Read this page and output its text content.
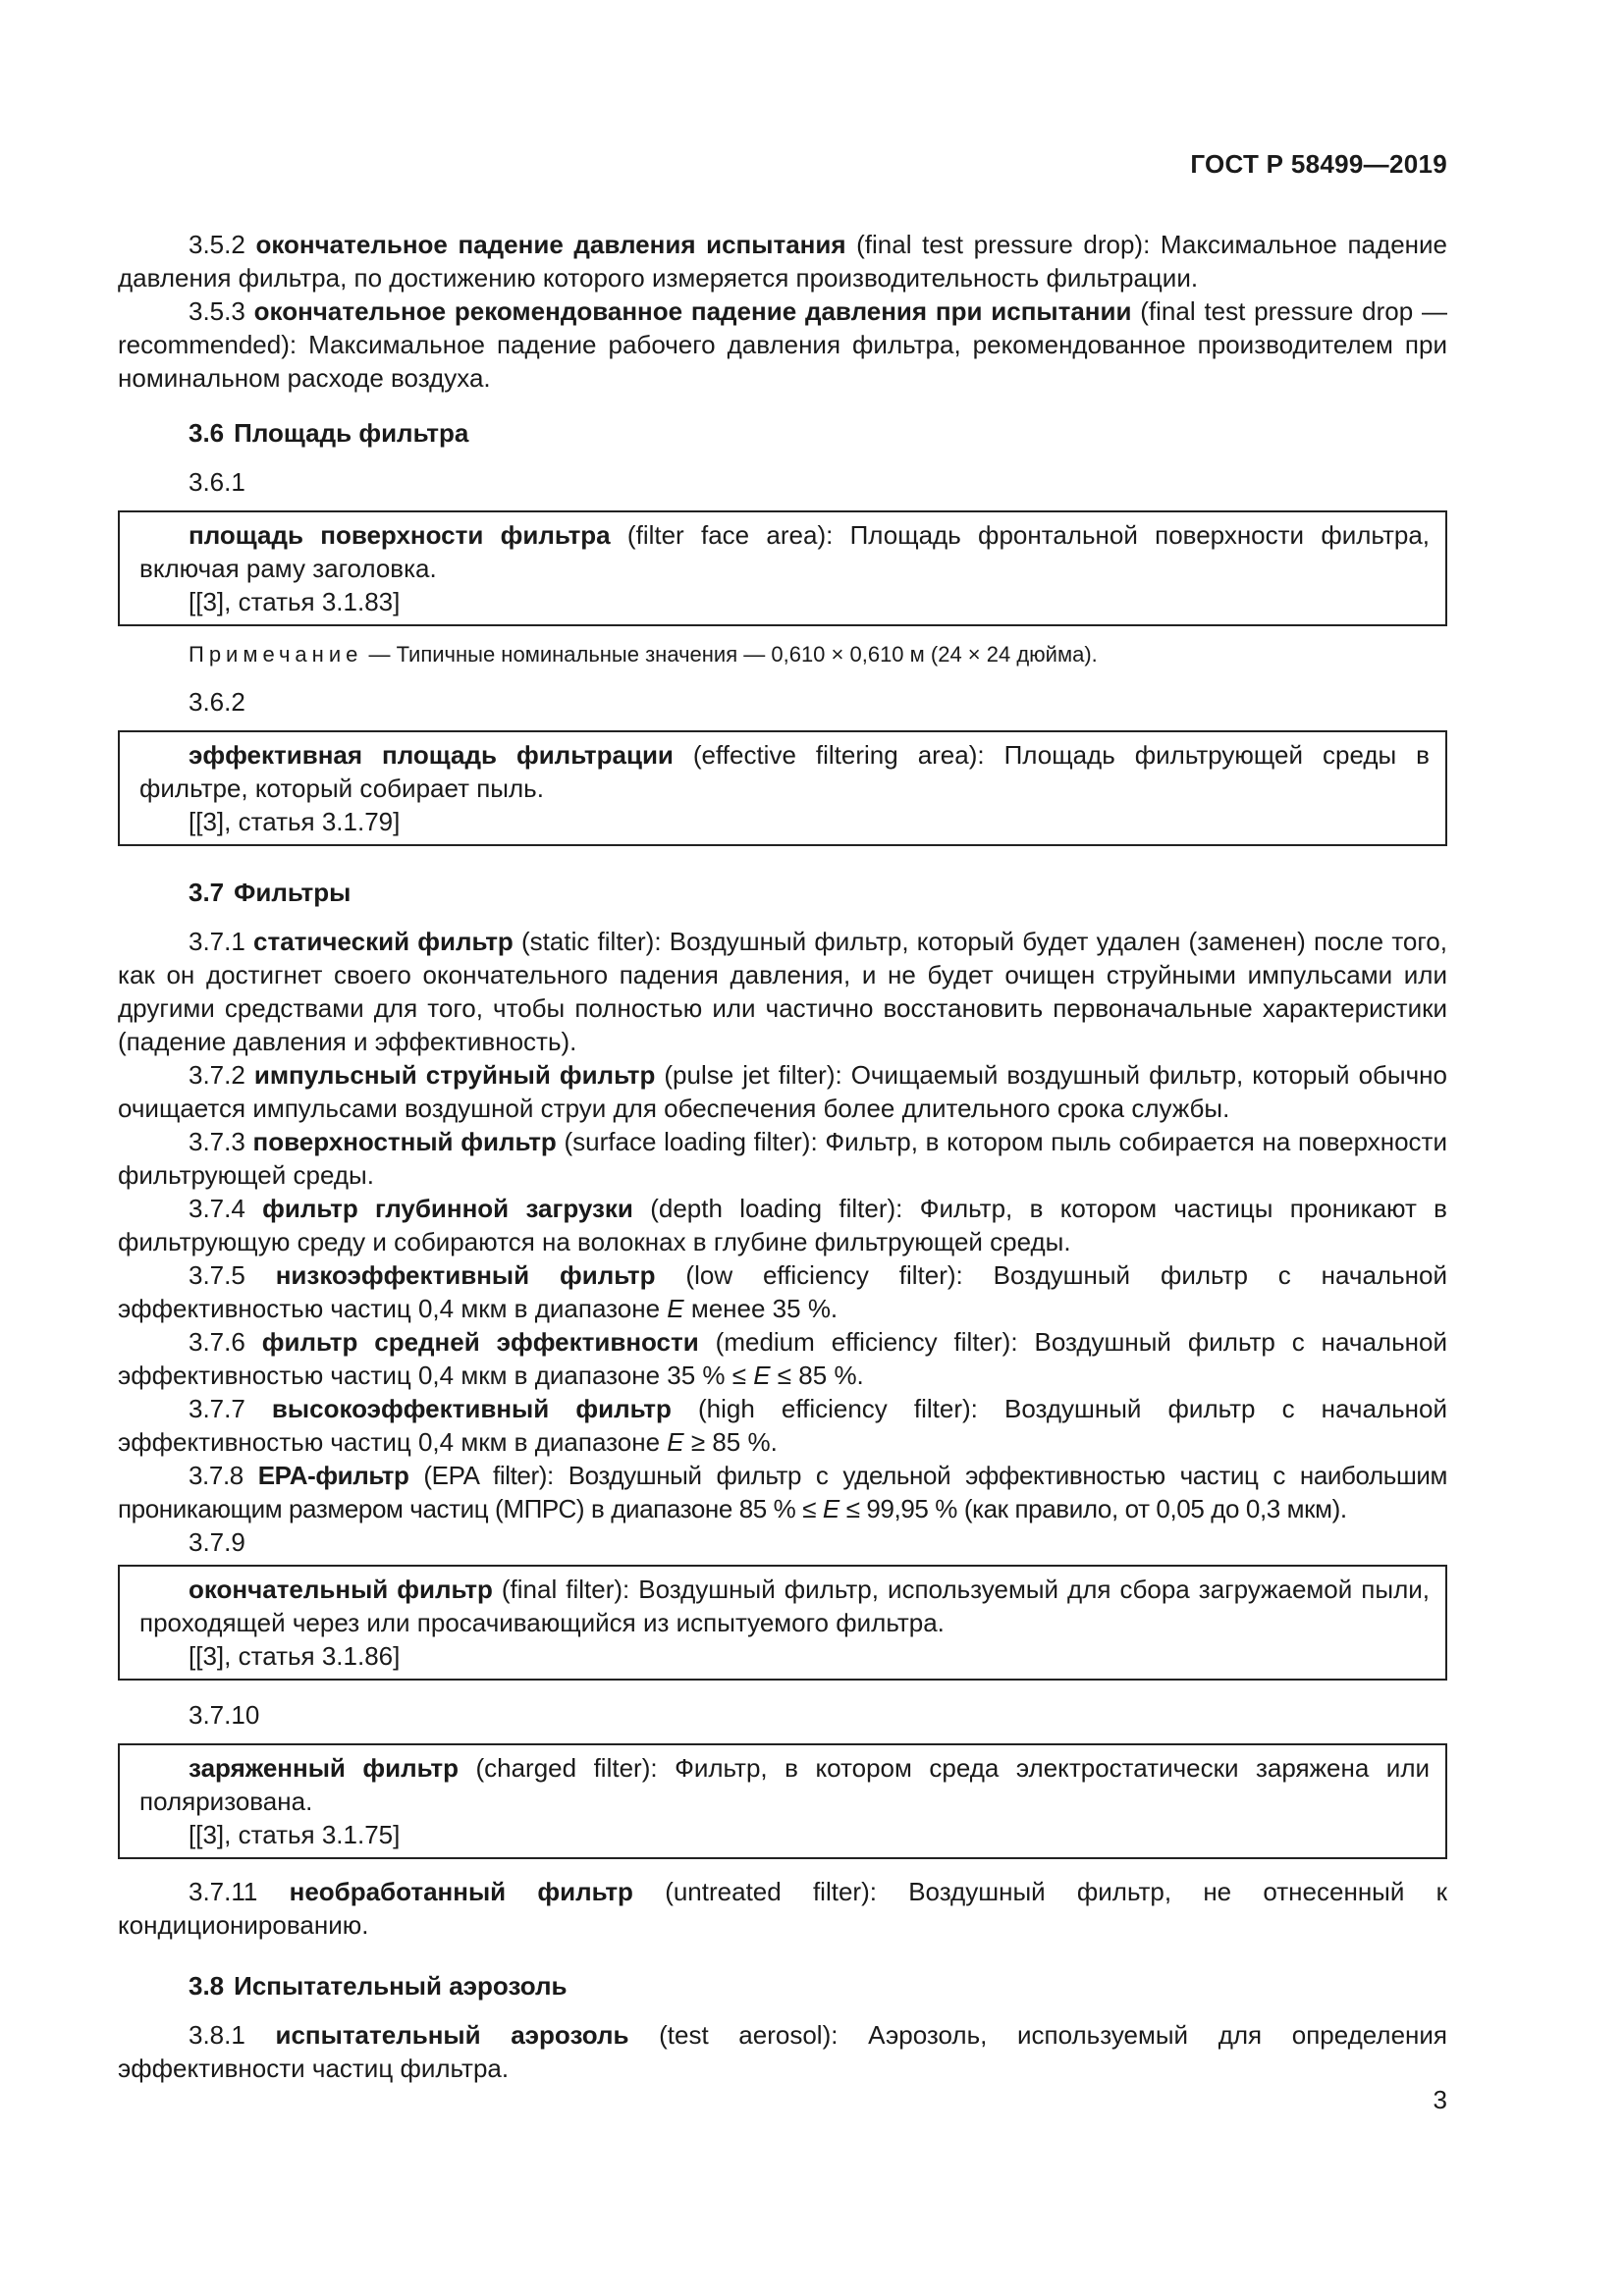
ГОСТ Р 58499—2019

3.5.2 окончательное падение давления испытания (final test pressure drop): Максимальное падение давления фильтра, по достижению которого измеряется производительность фильтрации.

3.5.3 окончательное рекомендованное падение давления при испытании (final test pressure drop — recommended): Максимальное падение рабочего давления фильтра, рекомендованное производителем при номинальном расходе воздуха.

3.6 Площадь фильтра
3.6.1

площадь поверхности фильтра (filter face area): Площадь фронтальной поверхности фильтра, включая раму заголовка.

[[3], статья 3.1.83]
Примечание — Типичные номинальные значения — 0,610 × 0,610 м (24 × 24 дюйма).
3.6.2

эффективная площадь фильтрации (effective filtering area): Площадь фильтрующей среды в фильтре, который собирает пыль.

[[3], статья 3.1.79]
3.7 Фильтры

3.7.1 статический фильтр (static filter): Воздушный фильтр, который будет удален (заменен) после того, как он достигнет своего окончательного падения давления, и не будет очищен струйными импульсами или другими средствами для того, чтобы полностью или частично восстановить первоначальные характеристики (падение давления и эффективность).

3.7.2 импульсный струйный фильтр (pulse jet filter): Очищаемый воздушный фильтр, который обычно очищается импульсами воздушной струи для обеспечения более длительного срока службы.

3.7.3 поверхностный фильтр (surface loading filter): Фильтр, в котором пыль собирается на поверхности фильтрующей среды.

3.7.4 фильтр глубинной загрузки (depth loading filter): Фильтр, в котором частицы проникают в фильтрующую среду и собираются на волокнах в глубине фильтрующей среды.

3.7.5 низкоэффективный фильтр (low efficiency filter): Воздушный фильтр с начальной эффективностью частиц 0,4 мкм в диапазоне E менее 35 %.

3.7.6 фильтр средней эффективности (medium efficiency filter): Воздушный фильтр с начальной эффективностью частиц 0,4 мкм в диапазоне 35 % ≤ E ≤ 85 %.

3.7.7 высокоэффективный фильтр (high efficiency filter): Воздушный фильтр с начальной эффективностью частиц 0,4 мкм в диапазоне E ≥ 85 %.

3.7.8 EPA-фильтр (EPA filter): Воздушный фильтр с удельной эффективностью частиц с наибольшим проникающим размером частиц (МПРС) в диапазоне 85 % ≤ E ≤ 99,95 % (как правило, от 0,05 до 0,3 мкм).

3.7.9

окончательный фильтр (final filter): Воздушный фильтр, используемый для сбора загружаемой пыли, проходящей через или просачивающийся из испытуемого фильтра.

[[3], статья 3.1.86]
3.7.10

заряженный фильтр (charged filter): Фильтр, в котором среда электростатически заряжена или поляризована.

[[3], статья 3.1.75]

3.7.11 необработанный фильтр (untreated filter): Воздушный фильтр, не отнесенный к кондиционированию.

3.8 Испытательный аэрозоль

3.8.1 испытательный аэрозоль (test aerosol): Аэрозоль, используемый для определения эффективности частиц фильтра.

3
